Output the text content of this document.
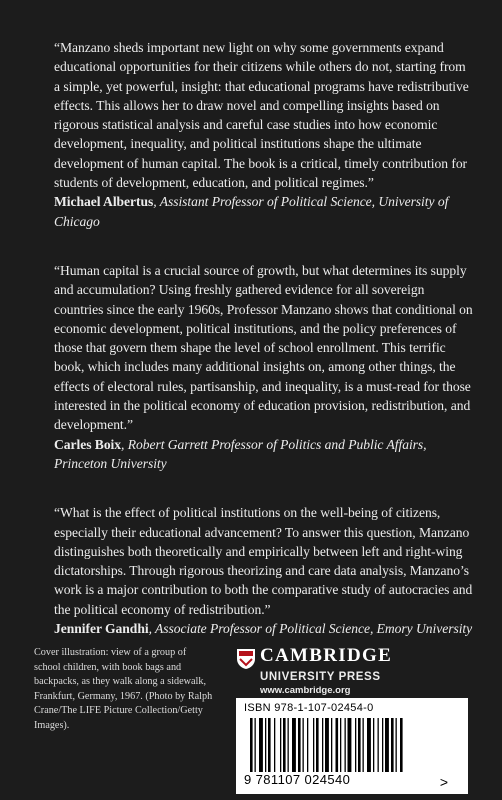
“Manzano sheds important new light on why some governments expand educational opportunities for their citizens while others do not, starting from a simple, yet powerful, insight: that educational programs have redistributive effects. This allows her to draw novel and compelling insights based on rigorous statistical analysis and careful case studies into how economic development, inequality, and political institutions shape the ultimate development of human capital. The book is a critical, timely contribution for students of development, education, and political regimes.”

Michael Albertus, Assistant Professor of Political Science, University of Chicago

“Human capital is a crucial source of growth, but what determines its supply and accumulation? Using freshly gathered evidence for all sovereign countries since the early 1960s, Professor Manzano shows that conditional on economic development, political institutions, and the policy preferences of those that govern them shape the level of school enrollment. This terrific book, which includes many additional insights on, among other things, the effects of electoral rules, partisanship, and inequality, is a must-read for those interested in the political economy of education provision, redistribution, and development.”

Carles Boix, Robert Garrett Professor of Politics and Public Affairs, Princeton University

“What is the effect of political institutions on the well-being of citizens, especially their educational advancement? To answer this question, Manzano distinguishes both theoretically and empirically between left and right-wing dictatorships. Through rigorous theorizing and care data analysis, Manzano’s work is a major contribution to both the comparative study of autocracies and the political economy of redistribution.”

Jennifer Gandhi, Associate Professor of Political Science, Emory University

Cover illustration: view of a group of school children, with book bags and backpacks, as they walk along a sidewalk, Frankfurt, Germany, 1967. (Photo by Ralph Crane/The LIFE Picture Collection/Getty Images).
CAMBRIDGE
UNIVERSITY PRESS
www.cambridge.org
ISBN 978-1-107-02454-0
9 781107 024540	>
